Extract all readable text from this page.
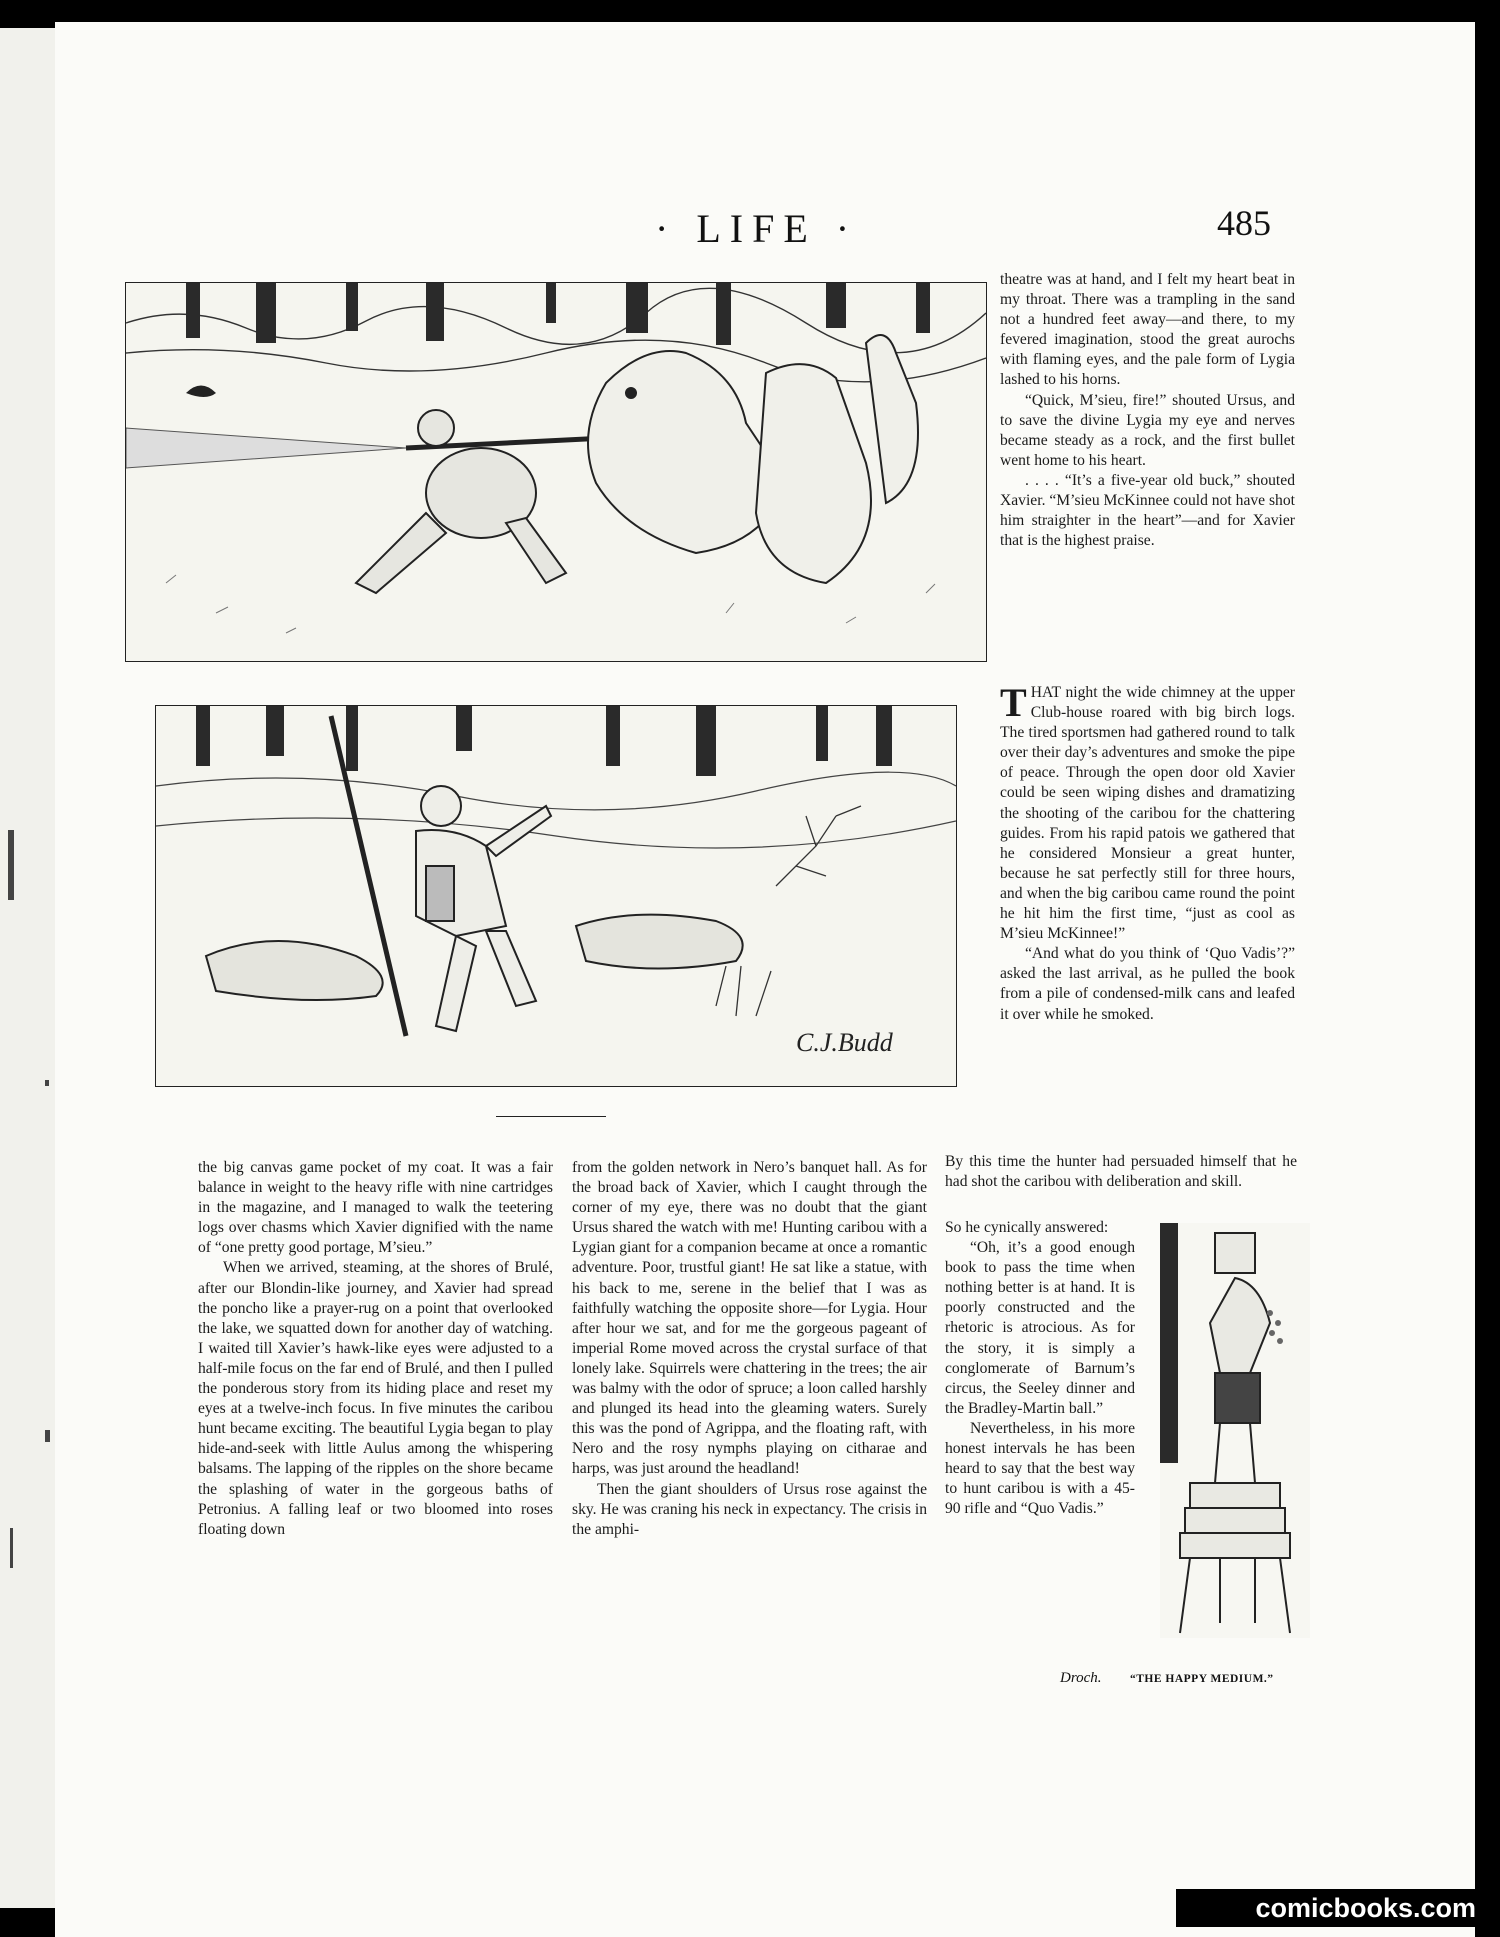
· LIFE ·	485
C.J.Budd

theatre was at hand, and I felt my heart beat in my throat. There was a trampling in the sand not a hundred feet away—and there, to my fevered imagination, stood the great aurochs with flaming eyes, and the pale form of Lygia lashed to his horns.

“Quick, M’sieu, fire!” shouted Ursus, and to save the divine Lygia my eye and nerves became steady as a rock, and the first bullet went home to his heart.

. . . . “It’s a five-year old buck,” shouted Xavier. “M’sieu McKinnee could not have shot him straighter in the heart”—and for Xavier that is the highest praise.

THAT night the wide chimney at the upper Club-house roared with big birch logs. The tired sportsmen had gathered round to talk over their day’s adventures and smoke the pipe of peace. Through the open door old Xavier could be seen wiping dishes and dramatizing the shooting of the caribou for the chattering guides. From his rapid patois we gathered that he considered Monsieur a great hunter, because he sat perfectly still for three hours, and when the big caribou came round the point he hit him the first time, “just as cool as M’sieu McKinnee!”

“And what do you think of ‘Quo Vadis’?” asked the last arrival, as he pulled the book from a pile of condensed-milk cans and leafed it over while he smoked.

the big canvas game pocket of my coat. It was a fair balance in weight to the heavy rifle with nine cartridges in the magazine, and I managed to walk the teetering logs over chasms which Xavier dignified with the name of “one pretty good portage, M’sieu.”

When we arrived, steaming, at the shores of Brulé, after our Blondin-like journey, and Xavier had spread the poncho like a prayer-rug on a point that overlooked the lake, we squatted down for another day of watching. I waited till Xavier’s hawk-like eyes were adjusted to a half-mile focus on the far end of Brulé, and then I pulled the ponderous story from its hiding place and reset my eyes at a twelve-inch focus. In five minutes the caribou hunt became exciting. The beautiful Lygia began to play hide-and-seek with little Aulus among the whispering balsams. The lapping of the ripples on the shore became the splashing of water in the gorgeous baths of Petronius. A falling leaf or two bloomed into roses floating down

from the golden network in Nero’s banquet hall. As for the broad back of Xavier, which I caught through the corner of my eye, there was no doubt that the giant Ursus shared the watch with me! Hunting caribou with a Lygian giant for a companion became at once a romantic adventure. Poor, trustful giant! He sat like a statue, with his back to me, serene in the belief that I was as faithfully watching the opposite shore—for Lygia. Hour after hour we sat, and for me the gorgeous pageant of imperial Rome moved across the crystal surface of that lonely lake. Squirrels were chattering in the trees; the air was balmy with the odor of spruce; a loon called harshly and plunged its head into the gleaming waters. Surely this was the pond of Agrippa, and the floating raft, with Nero and the rosy nymphs playing on citharae and harps, was just around the headland!

Then the giant shoulders of Ursus rose against the sky. He was craning his neck in expectancy. The crisis in the amphi-

By this time the hunter had persuaded himself that he had shot the caribou with deliberation and skill.

So he cynically answered:

“Oh, it’s a good enough book to pass the time when nothing better is at hand. It is poorly constructed and the rhetoric is atrocious. As for the story, it is simply a conglomerate of Barnum’s circus, the Seeley dinner and the Bradley-Martin ball.”

Nevertheless, in his more honest intervals he has been heard to say that the best way to hunt caribou is with a 45-90 rifle and “Quo Vadis.”

Droch. “THE HAPPY MEDIUM.”
comicbooks.com
